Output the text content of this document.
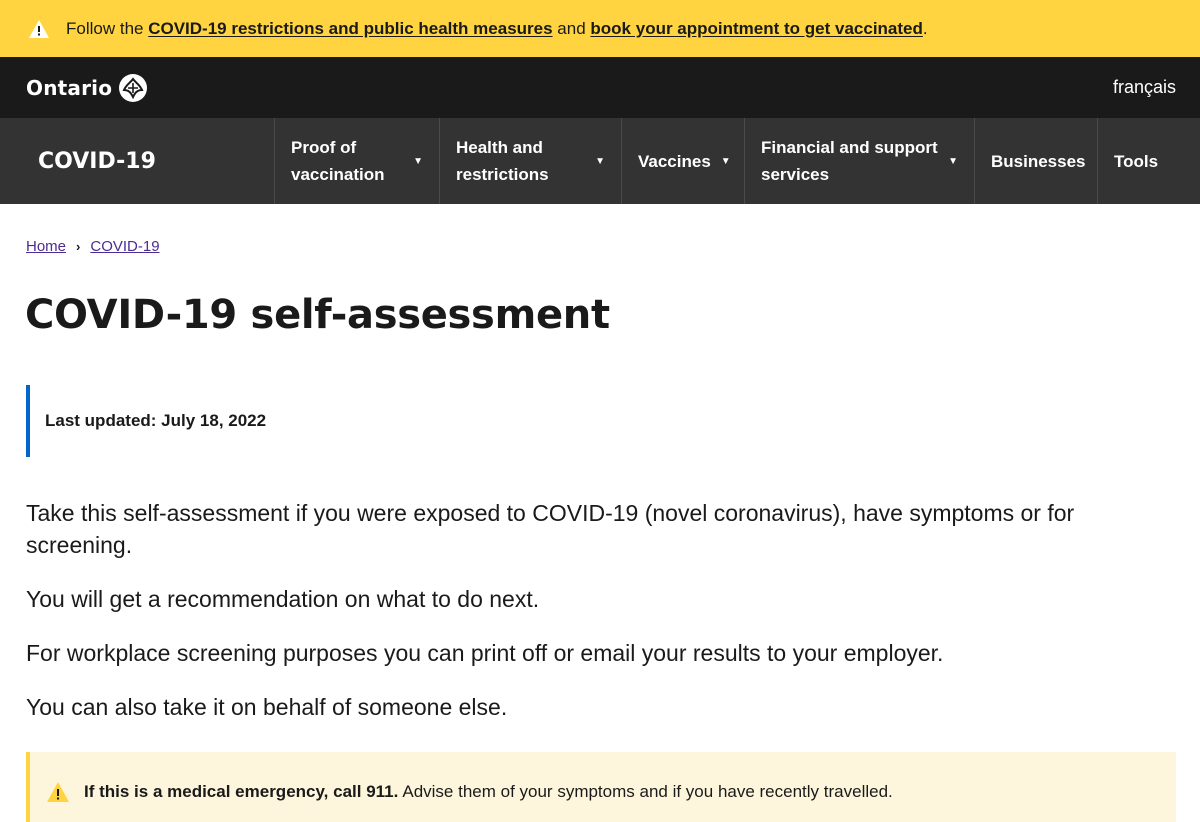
Follow the COVID-19 restrictions and public health measures and book your appointment to get vaccinated.
Ontario	français
COVID-19
Proof of
vaccination
▼
Health and
restrictions
▼ Vaccines ▼
Financial and support
services
▼ Businesses Tools
Home › COVID-19
COVID-19 self-assessment
Last updated: July 18, 2022

Take this self-assessment if you were exposed to COVID-19 (novel coronavirus), have symptoms or for screening.

You will get a recommendation on what to do next.

For workplace screening purposes you can print off or email your results to your employer.

You can also take it on behalf of someone else.

If this is a medical emergency, call 911. Advise them of your symptoms and if you have recently travelled.
